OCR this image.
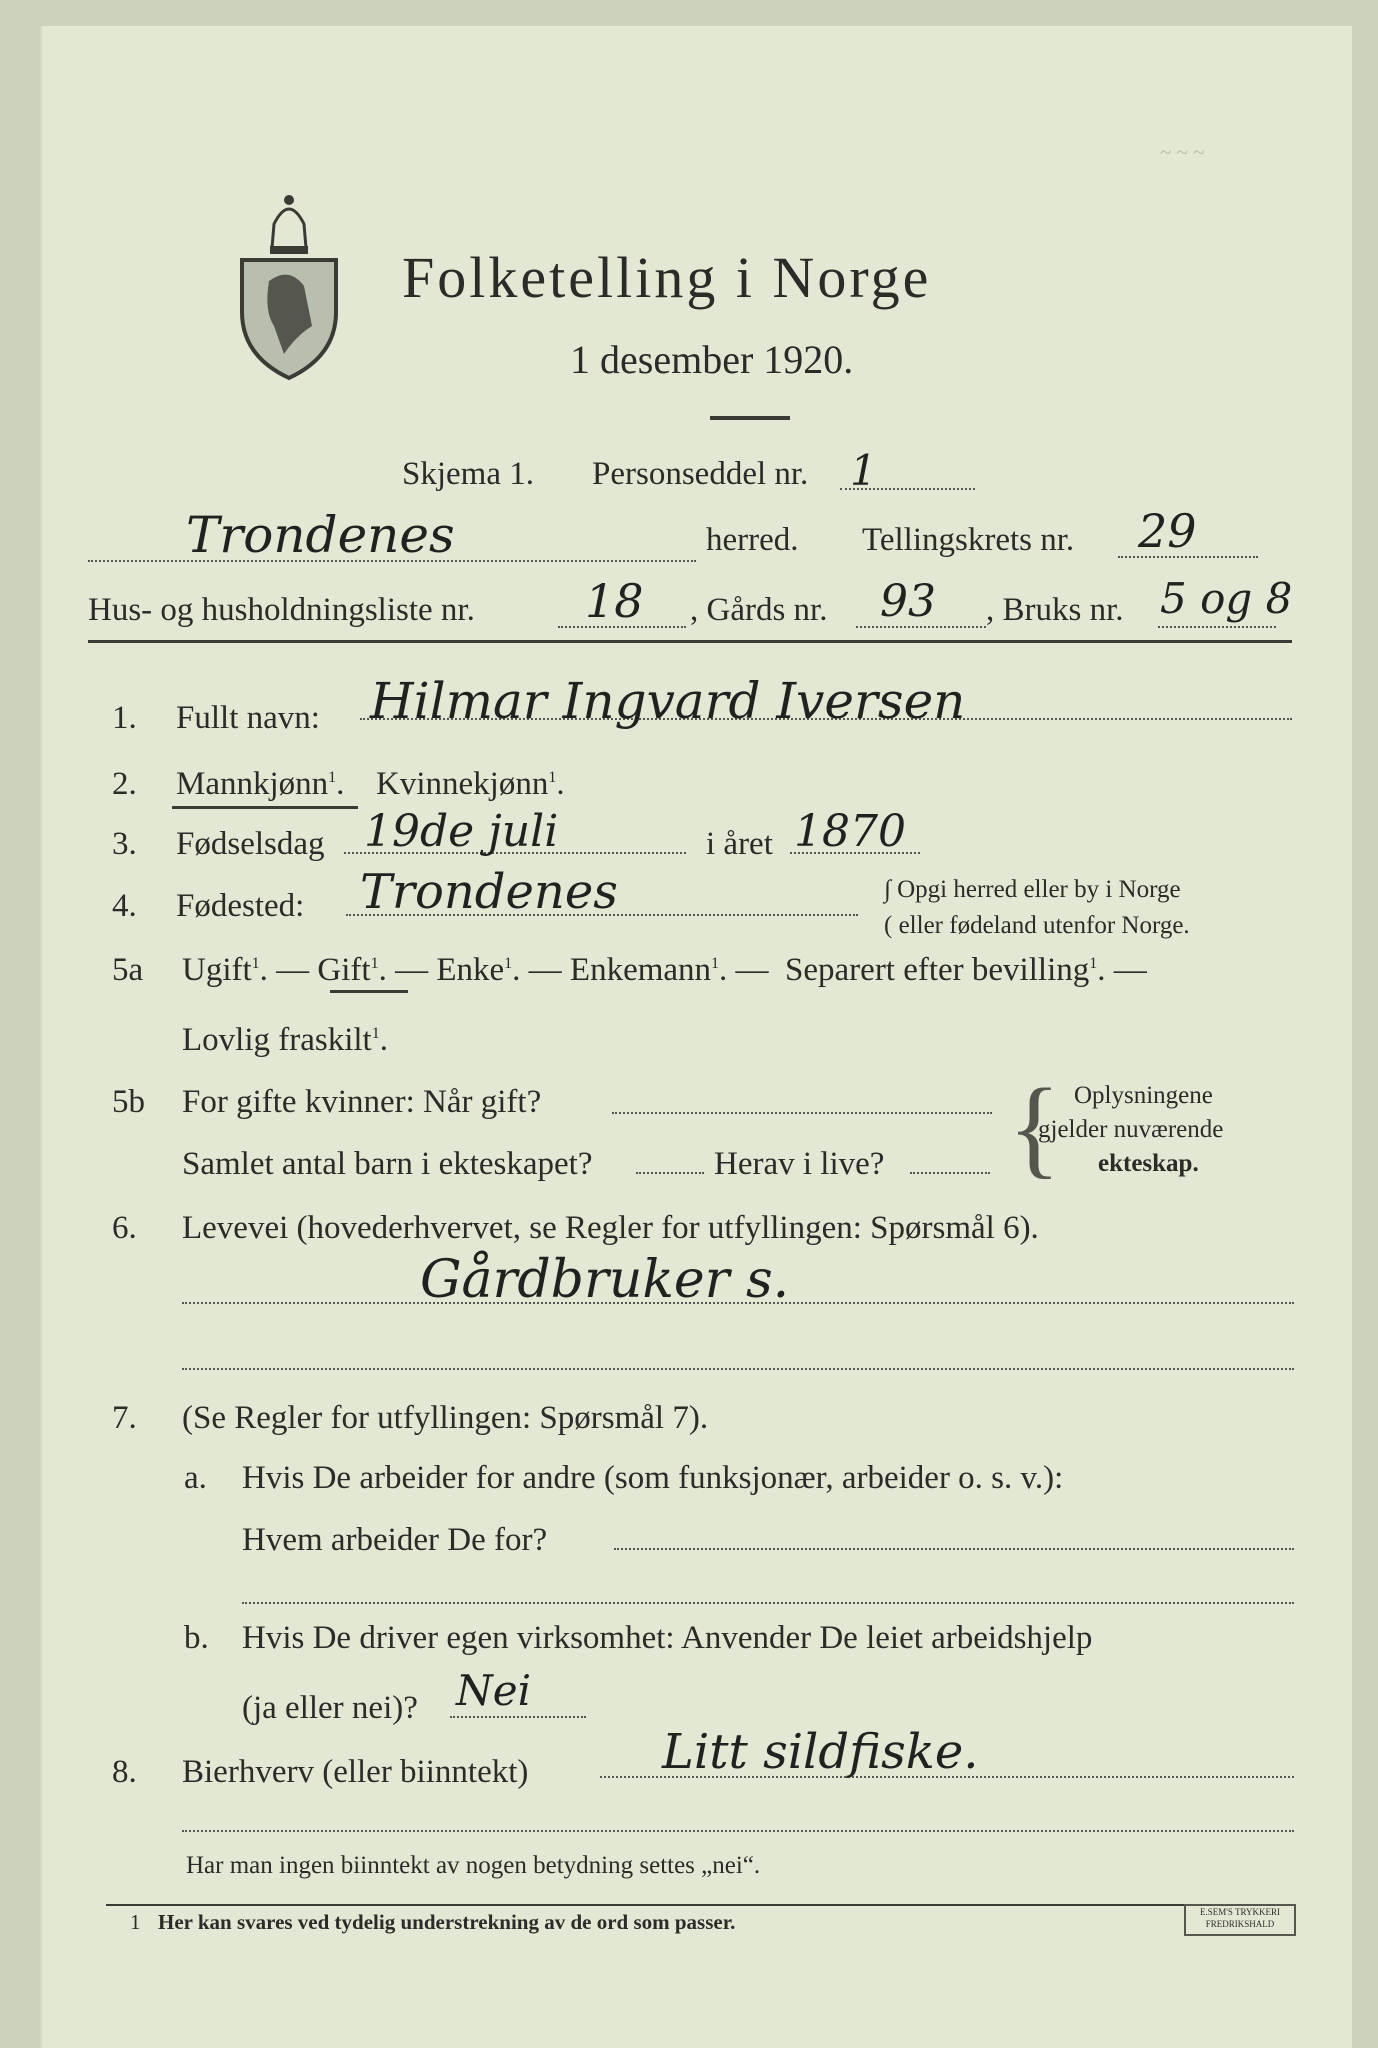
~ ~ ~
Folketelling i Norge
1 desember 1920.
Skjema 1. Personseddel nr. 1
Trondenes	herred. Tellingskrets nr. 29
Hus- og husholdningsliste nr. 18 , Gårds nr. 93 , Bruks nr. 5 og 8
1. Fullt navn: Hilmar Ingvard Iversen
2. Mannkjønn$^1$. Kvinnekjønn$^1$.
3. Fødselsdag 19de juli	i året 1870
4. Fødested: Trondenes	∫ Opgi herred eller by i Norge
( eller fødeland utenfor Norge.
5a Ugift$^1$. — Gift$^1$. — Enke$^1$. — Enkemann$^1$. —  Separert efter bevilling$^1$. —
Lovlig fraskilt$^1$.
5b For gifte kvinner: Når gift?
Samlet antal barn i ekteskapet?	Herav i live? { Oplysningene
gjelder nuværende
ekteskap.
6. Levevei (hovederhvervet, se Regler for utfyllingen: Spørsmål 6).
Gårdbruker s.
7. (Se Regler for utfyllingen: Spørsmål 7).
a. Hvis De arbeider for andre (som funksjonær, arbeider o. s. v.):
Hvem arbeider De for?
b. Hvis De driver egen virksomhet: Anvender De leiet arbeidshjelp
(ja eller nei)? Nei
8. Bierhverv (eller biinntekt)	Litt sildfiske.
Har man ingen biinntekt av nogen betydning settes „nei“.
1 Her kan svares ved tydelig understrekning av de ord som passer.	E.SEM'S TRYKKERI FREDRIKSHALD
